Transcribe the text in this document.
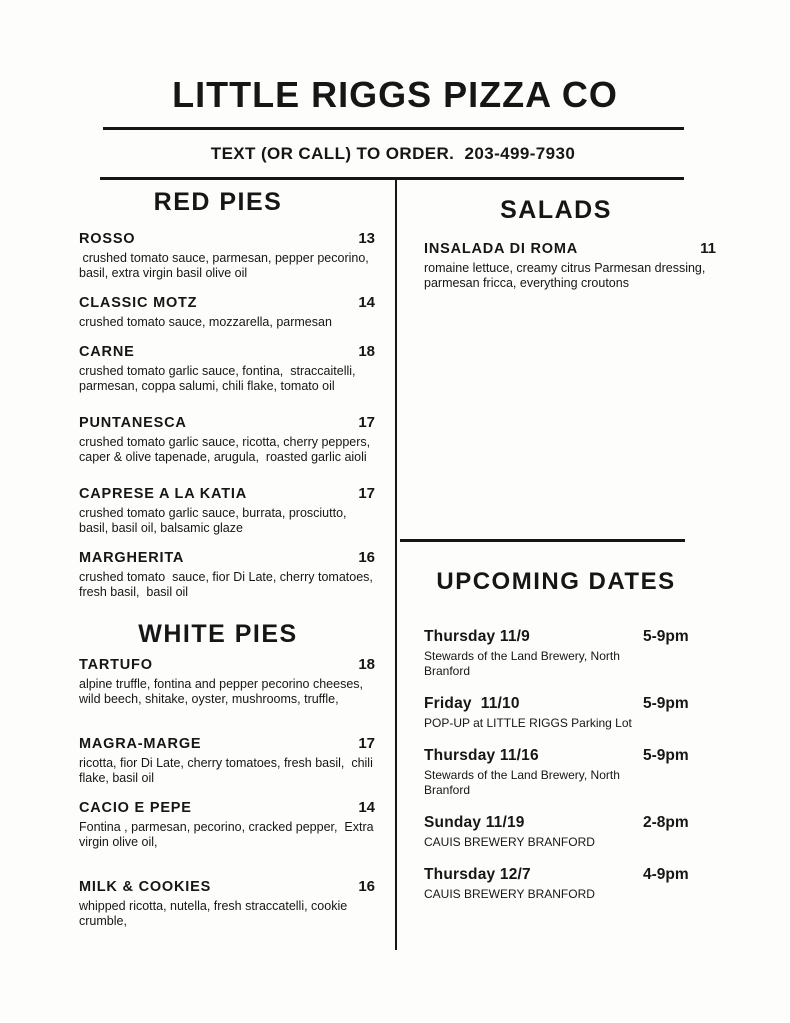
LITTLE RIGGS PIZZA CO

TEXT (OR CALL) TO ORDER.  203-499-7930

RED PIES
ROSSO	13

crushed tomato sauce, parmesan, pepper pecorino, basil, extra virgin basil olive oil

CLASSIC MOTZ	14

crushed tomato sauce, mozzarella, parmesan

CARNE	18

crushed tomato garlic sauce, fontina,  straccaitelli, parmesan, coppa salumi, chili flake, tomato oil

PUNTANESCA	17

crushed tomato garlic sauce, ricotta, cherry peppers, caper & olive tapenade, arugula,  roasted garlic aioli

CAPRESE A LA KATIA	17

crushed tomato garlic sauce, burrata, prosciutto, basil, basil oil, balsamic glaze

MARGHERITA	16

crushed tomato  sauce, fior Di Late, cherry tomatoes, fresh basil,  basil oil

WHITE PIES
TARTUFO	18

alpine truffle, fontina and pepper pecorino cheeses, wild beech, shitake, oyster, mushrooms, truffle,

MAGRA-MARGE	17

ricotta, fior Di Late, cherry tomatoes, fresh basil,  chili flake, basil oil

CACIO E PEPE	14

Fontina , parmesan, pecorino, cracked pepper,  Extra virgin olive oil,

MILK & COOKIES	16

whipped ricotta, nutella, fresh straccatelli, cookie crumble,

SALADS
INSALADA DI ROMA	11

romaine lettuce, creamy citrus Parmesan dressing, parmesan fricca, everything croutons

UPCOMING DATES
Thursday 11/9	5-9pm

Stewards of the Land Brewery, North Branford

Friday  11/10	5-9pm

POP-UP at LITTLE RIGGS Parking Lot

Thursday 11/16	5-9pm

Stewards of the Land Brewery, North Branford

Sunday 11/19	2-8pm

CAUIS BREWERY BRANFORD

Thursday 12/7	4-9pm

CAUIS BREWERY BRANFORD
